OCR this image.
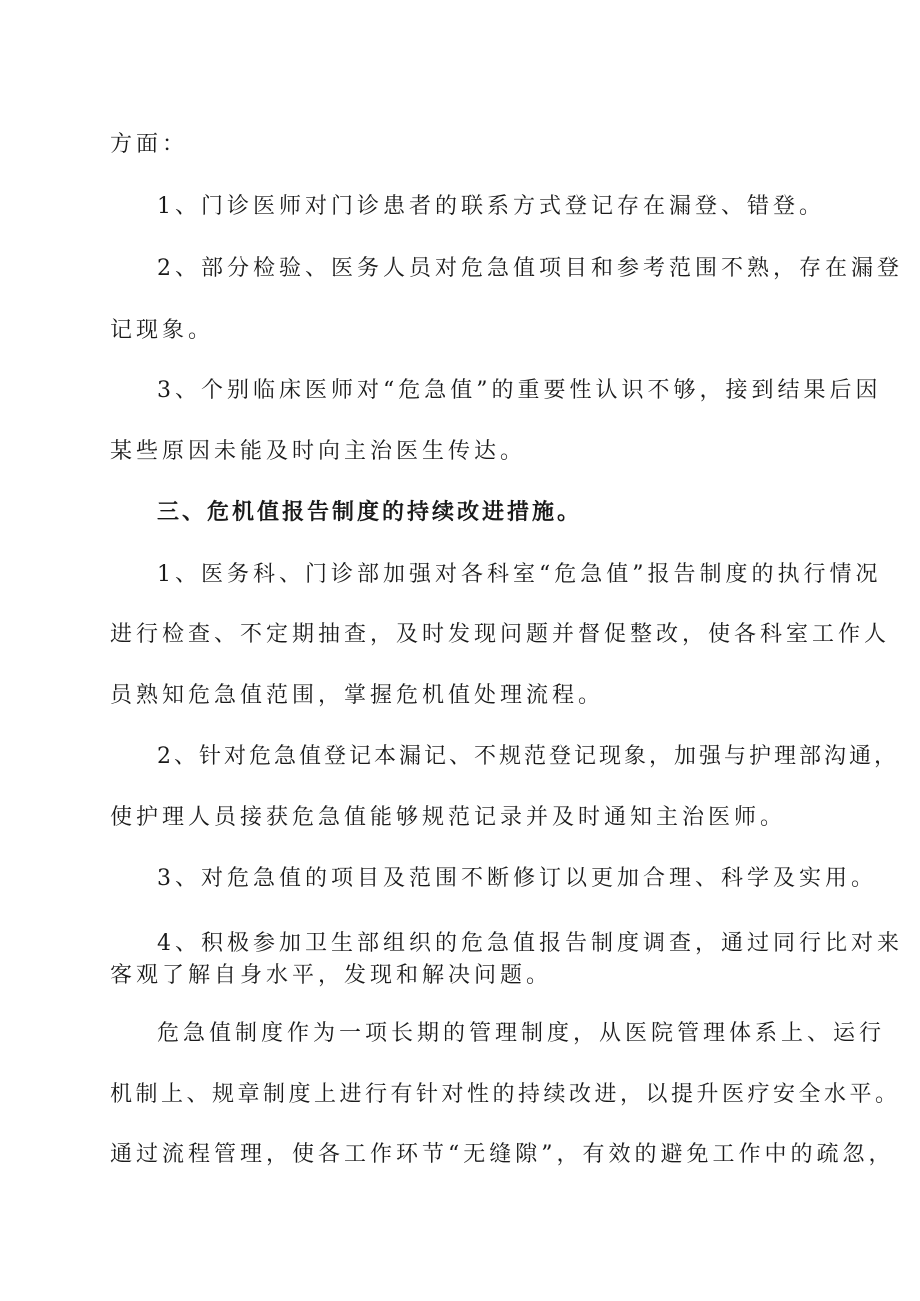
方面：
1、门诊医师对门诊患者的联系方式登记存在漏登、错登。
2、部分检验、医务人员对危急值项目和参考范围不熟，存在漏登
记现象。
3、个别临床医师对“危急值”的重要性认识不够，接到结果后因
某些原因未能及时向主治医生传达。
三、危机值报告制度的持续改进措施。
1、医务科、门诊部加强对各科室“危急值”报告制度的执行情况
进行检查、不定期抽查，及时发现问题并督促整改，使各科室工作人
员熟知危急值范围，掌握危机值处理流程。
2、针对危急值登记本漏记、不规范登记现象，加强与护理部沟通，
使护理人员接获危急值能够规范记录并及时通知主治医师。
3、对危急值的项目及范围不断修订以更加合理、科学及实用。
4、积极参加卫生部组织的危急值报告制度调查，通过同行比对来
客观了解自身水平，发现和解决问题。
危急值制度作为一项长期的管理制度，从医院管理体系上、运行
机制上、规章制度上进行有针对性的持续改进，以提升医疗安全水平。
通过流程管理，使各工作环节“无缝隙”，有效的避免工作中的疏忽，
